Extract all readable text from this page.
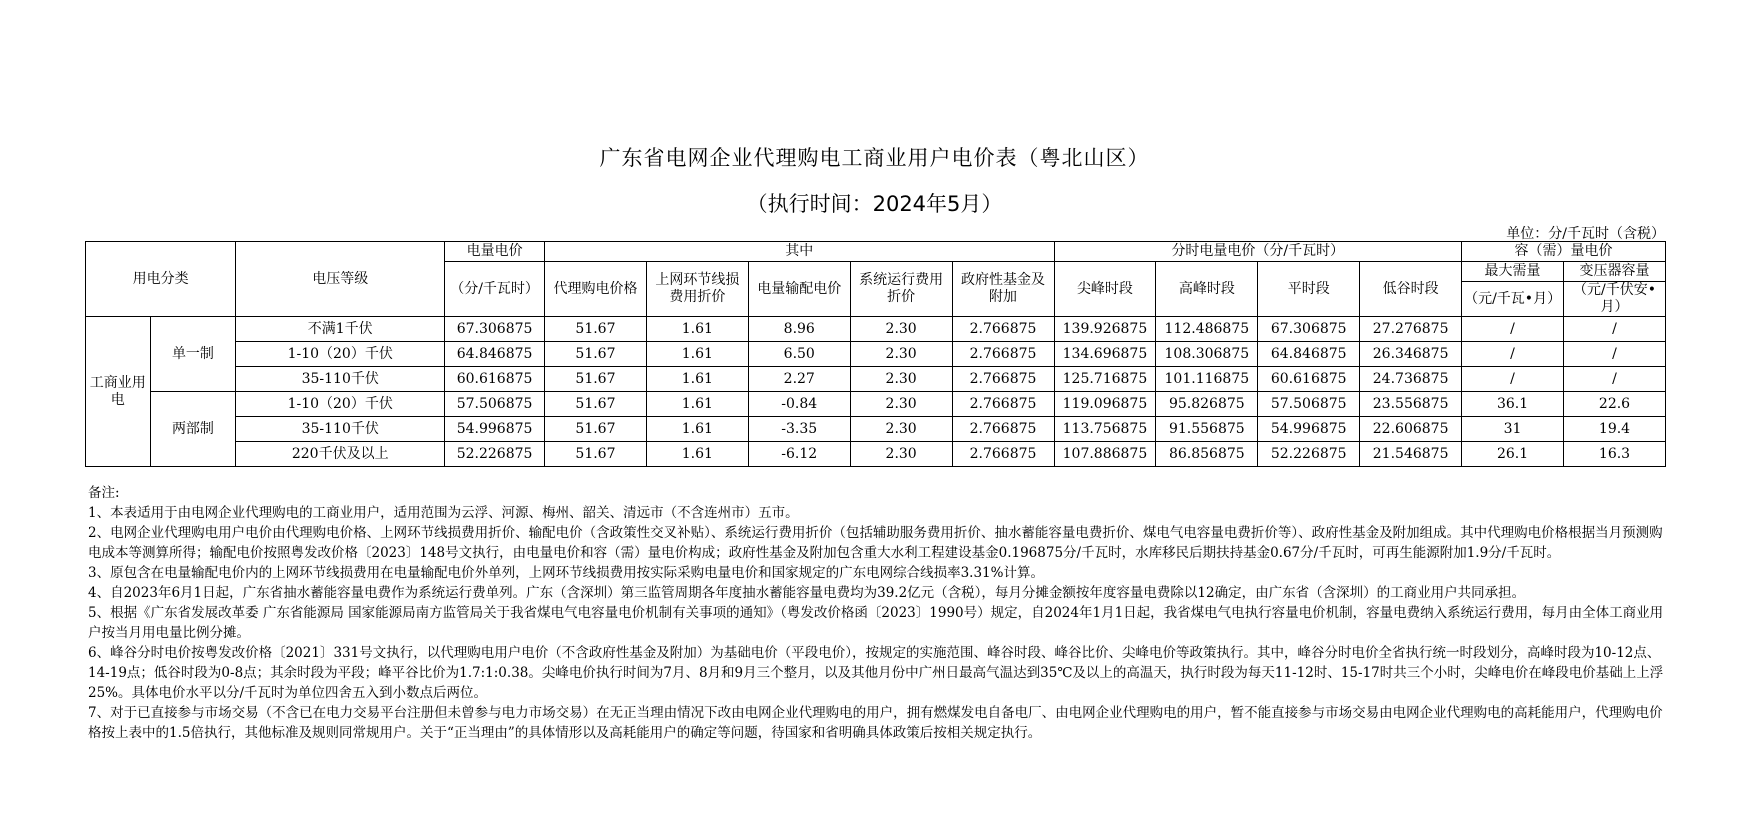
广东省电网企业代理购电工商业用户电价表（粤北山区）
（执行时间：2024年5月）
单位：分/千瓦时（含税）
用电分类		电压等级	电量电价	其中					分时电量电价（分/千瓦时）				容（需）量电价	
			（分/千瓦时）	代理购电价格	上网环节线损费用折价	电量输配电价	系统运行费用折价	政府性基金及附加	尖峰时段	高峰时段	平时段	低谷时段	最大需量	变压器容量
													（元/千瓦•月）	（元/千伏安•月）
工商业用电	单一制	不满1千伏	67.306875	51.67	1.61	8.96	2.30	2.766875	139.926875	112.486875	67.306875	27.276875	/	/
		1-10（20）千伏	64.846875	51.67	1.61	6.50	2.30	2.766875	134.696875	108.306875	64.846875	26.346875	/	/
		35-110千伏	60.616875	51.67	1.61	2.27	2.30	2.766875	125.716875	101.116875	60.616875	24.736875	/	/
	两部制	1-10（20）千伏	57.506875	51.67	1.61	-0.84	2.30	2.766875	119.096875	95.826875	57.506875	23.556875	36.1	22.6
		35-110千伏	54.996875	51.67	1.61	-3.35	2.30	2.766875	113.756875	91.556875	54.996875	22.606875	31	19.4
		220千伏及以上	52.226875	51.67	1.61	-6.12	2.30	2.766875	107.886875	86.856875	52.226875	21.546875	26.1	16.3

备注:

1、本表适用于由电网企业代理购电的工商业用户，适用范围为云浮、河源、梅州、韶关、清远市（不含连州市）五市。

2、电网企业代理购电用户电价由代理购电价格、上网环节线损费用折价、输配电价（含政策性交叉补贴）、系统运行费用折价（包括辅助服务费用折价、抽水蓄能容量电费折价、煤电气电容量电费折价等）、政府性基金及附加组成。其中代理购电价格根据当月预测购电成本等测算所得；输配电价按照粤发改价格〔2023〕148号文执行，由电量电价和容（需）量电价构成；政府性基金及附加包含重大水利工程建设基金0.196875分/千瓦时，水库移民后期扶持基金0.67分/千瓦时，可再生能源附加1.9分/千瓦时。

3、原包含在电量输配电价内的上网环节线损费用在电量输配电价外单列，上网环节线损费用按实际采购电量电价和国家规定的广东电网综合线损率3.31%计算。

4、自2023年6月1日起，广东省抽水蓄能容量电费作为系统运行费单列。广东（含深圳）第三监管周期各年度抽水蓄能容量电费均为39.2亿元（含税），每月分摊金额按年度容量电费除以12确定，由广东省（含深圳）的工商业用户共同承担。

5、根据《广东省发展改革委 广东省能源局 国家能源局南方监管局关于我省煤电气电容量电价机制有关事项的通知》（粤发改价格函〔2023〕1990号）规定，自2024年1月1日起，我省煤电气电执行容量电价机制，容量电费纳入系统运行费用，每月由全体工商业用户按当月用电量比例分摊。

6、峰谷分时电价按粤发改价格〔2021〕331号文执行，以代理购电用户电价（不含政府性基金及附加）为基础电价（平段电价），按规定的实施范围、峰谷时段、峰谷比价、尖峰电价等政策执行。其中，峰谷分时电价全省执行统一时段划分，高峰时段为10-12点、14-19点；低谷时段为0-8点；其余时段为平段；峰平谷比价为1.7:1:0.38。尖峰电价执行时间为7月、8月和9月三个整月，以及其他月份中广州日最高气温达到35℃及以上的高温天，执行时段为每天11-12时、15-17时共三个小时，尖峰电价在峰段电价基础上上浮25%。具体电价水平以分/千瓦时为单位四舍五入到小数点后两位。

7、对于已直接参与市场交易（不含已在电力交易平台注册但未曾参与电力市场交易）在无正当理由情况下改由电网企业代理购电的用户，拥有燃煤发电自备电厂、由电网企业代理购电的用户，暂不能直接参与市场交易由电网企业代理购电的高耗能用户，代理购电价格按上表中的1.5倍执行，其他标准及规则同常规用户。关于“正当理由”的具体情形以及高耗能用户的确定等问题，待国家和省明确具体政策后按相关规定执行。
